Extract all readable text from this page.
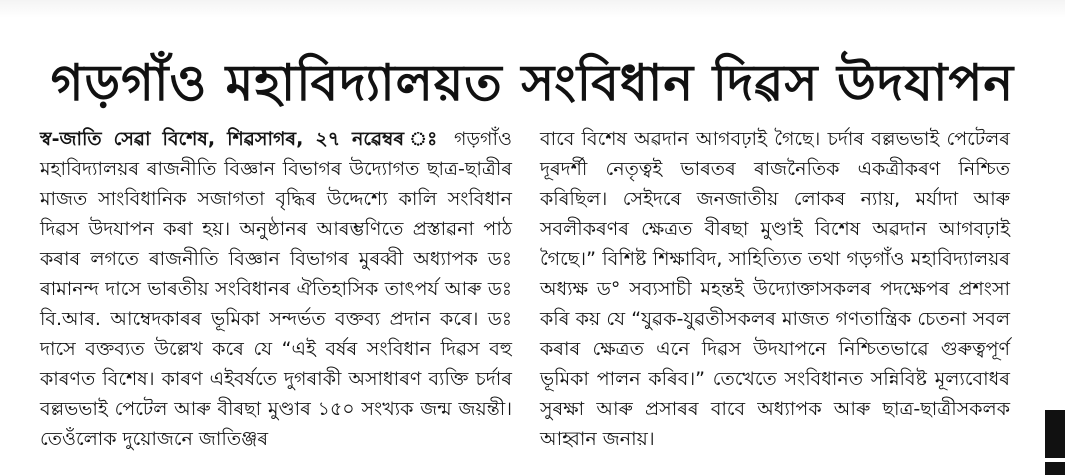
গড়গাঁও মহাবিদ্যালয়ত সংবিধান দিৱস উদযাপন

স্ব-জাতি সেৱা বিশেষ, শিৱসাগৰ, ২৭ নৱেম্বৰ ঃ গড়গাঁও মহাবিদ্যালয়ৰ ৰাজনীতি বিজ্ঞান বিভাগৰ উদ্যোগত ছাত্ৰ-ছাত্ৰীৰ মাজত সাংবিধানিক সজাগতা বৃদ্ধিৰ উদ্দেশ্যে কালি সংবিধান দিৱস উদযাপন কৰা হয়। অনুষ্ঠানৰ আৰম্ভণিতে প্ৰস্তাৱনা পাঠ কৰাৰ লগতে ৰাজনীতি বিজ্ঞান বিভাগৰ মুৰব্বী অধ্যাপক ডঃ ৰামানন্দ দাসে ভাৰতীয় সংবিধানৰ ঐতিহাসিক তাৎপৰ্য আৰু ডঃ বি.আৰ. আম্বেদকাৰৰ ভূমিকা সন্দৰ্ভত বক্তব্য প্ৰদান কৰে। ডঃ দাসে বক্তব্যত উল্লেখ কৰে যে “এই বৰ্ষৰ সংবিধান দিৱস বহু কাৰণত বিশেষ। কাৰণ এইবৰ্ষতে দুগৰাকী অসাধাৰণ ব্যক্তি চৰ্দাৰ বল্লভভাই পেটেল আৰু বীৰছা মুণ্ডাৰ ১৫০ সংখ্যক জন্ম জয়ন্তী। তেওঁলোক দুয়োজনে জাতিঞ্জৰ

বাবে বিশেষ অৱদান আগবঢ়াই গৈছে। চৰ্দাৰ বল্লভভাই পেটেলৰ দূৰদৰ্শী নেতৃত্বই ভাৰতৰ ৰাজনৈতিক একত্ৰীকৰণ নিশ্চিত কৰিছিল। সেইদৰে জনজাতীয় লোকৰ ন্যায়, মৰ্যাদা আৰু সবলীকৰণৰ ক্ষেত্ৰত বীৰছা মুণ্ডাই বিশেষ অৱদান আগবঢ়াই গৈছে।” বিশিষ্ট শিক্ষাবিদ, সাহিত্যিত তথা গড়গাঁও মহাবিদ্যালয়ৰ অধ্যক্ষ ড° সব্যসাচী মহন্তই উদ্যোক্তাসকলৰ পদক্ষেপৰ প্ৰশংসা কৰি কয় যে “যুৱক-যুৱতীসকলৰ মাজত গণতান্ত্ৰিক চেতনা সবল কৰাৰ ক্ষেত্ৰত এনে দিৱস উদযাপনে নিশ্চিতভাৱে গুৰুত্বপূৰ্ণ ভূমিকা পালন কৰিব।” তেখেতে সংবিধানত সন্নিবিষ্ট মূল্যবোধৰ সুৰক্ষা আৰু প্ৰসাৰৰ বাবে অধ্যাপক আৰু ছাত্ৰ-ছাত্ৰীসকলক আহ্বান জনায়।
